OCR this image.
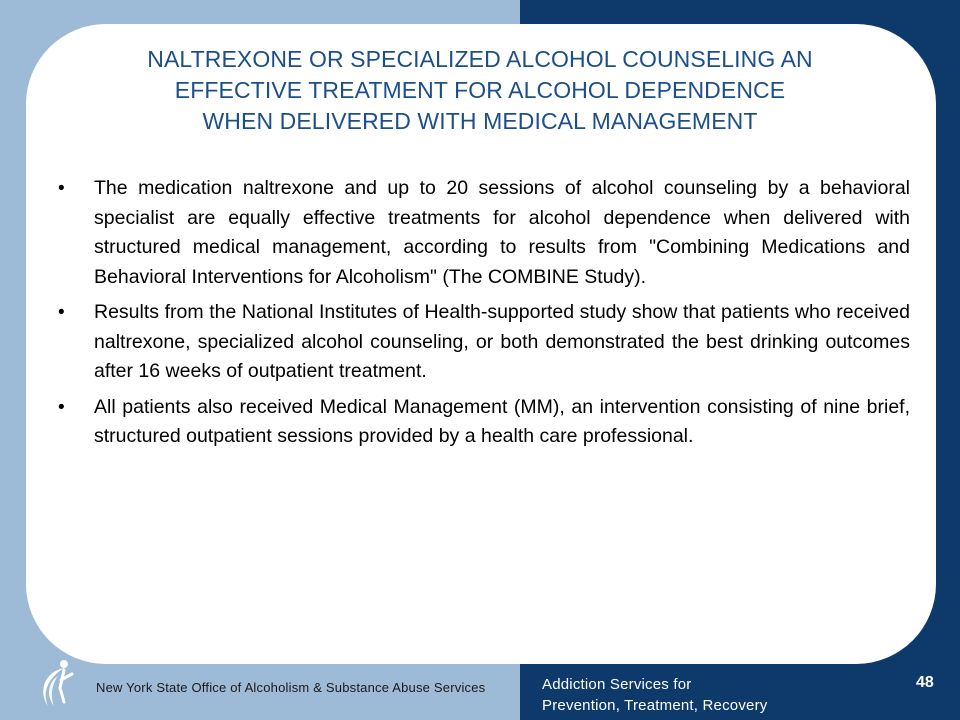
NALTREXONE OR SPECIALIZED ALCOHOL COUNSELING AN
EFFECTIVE TREATMENT FOR ALCOHOL DEPENDENCE
WHEN DELIVERED WITH MEDICAL MANAGEMENT
• The medication naltrexone and up to 20 sessions of alcohol counseling by a behavioral specialist are equally effective treatments for alcohol dependence when delivered with structured medical management, according to results from "Combining Medications and Behavioral Interventions for Alcoholism" (The COMBINE Study).
• Results from the National Institutes of Health-supported study show that patients who received naltrexone, specialized alcohol counseling, or both demonstrated the best drinking outcomes after 16 weeks of outpatient treatment.
• All patients also received Medical Management (MM), an intervention consisting of nine brief, structured outpatient sessions provided by a health care professional.
New York State Office of Alcoholism & Substance Abuse Services	Addiction Services for
Prevention, Treatment, Recovery
48
